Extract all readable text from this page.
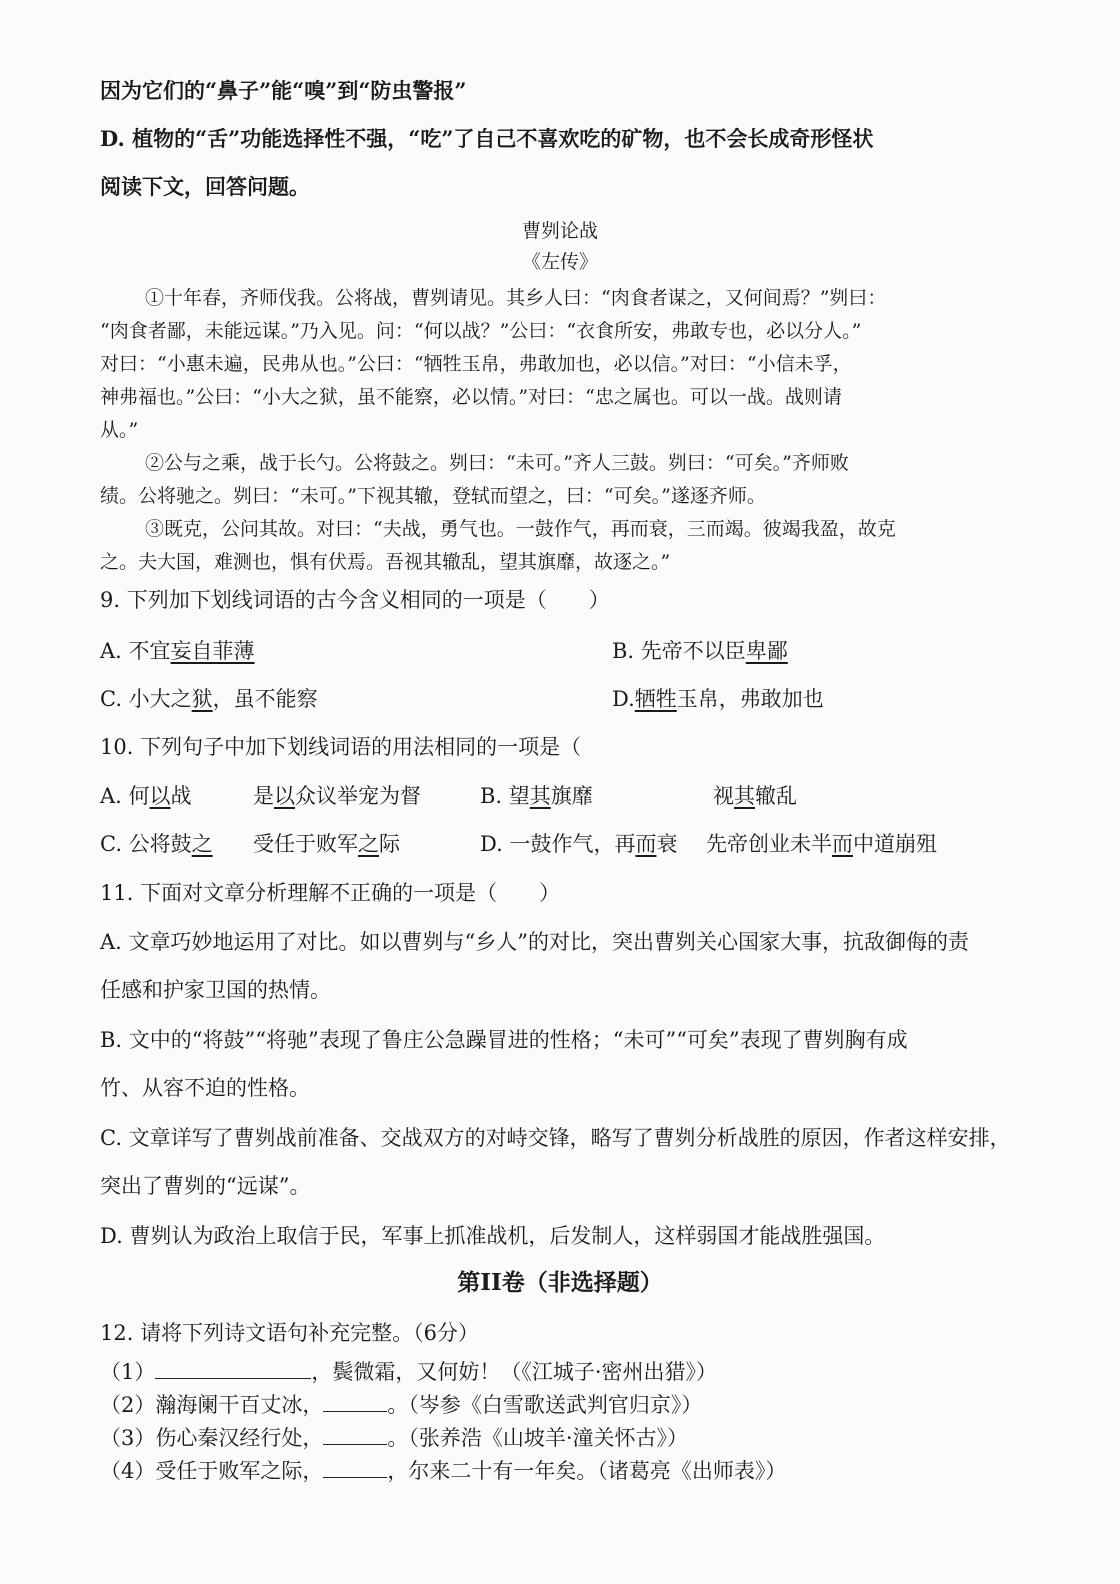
因为它们的“鼻子”能“嗅”到“防虫警报”
D. 植物的“舌”功能选择性不强，“吃”了自己不喜欢吃的矿物，也不会长成奇形怪状
阅读下文，回答问题。
曹刿论战
《左传》
①十年春，齐师伐我。公将战，曹刿请见。其乡人曰：“肉食者谋之，又何间焉？”刿曰：
“肉食者鄙，未能远谋。”乃入见。问：“何以战？”公曰：“衣食所安，弗敢专也，必以分人。”
对曰：“小惠未遍，民弗从也。”公曰：“牺牲玉帛，弗敢加也，必以信。”对曰：“小信未孚，
神弗福也。”公曰：“小大之狱，虽不能察，必以情。”对曰：“忠之属也。可以一战。战则请
从。”
②公与之乘，战于长勺。公将鼓之。刿曰：“未可。”齐人三鼓。刿曰：“可矣。”齐师败
绩。公将驰之。刿曰：“未可。”下视其辙，登轼而望之，曰：“可矣。”遂逐齐师。
③既克，公问其故。对曰：“夫战，勇气也。一鼓作气，再而衰，三而竭。彼竭我盈，故克
之。夫大国，难测也，惧有伏焉。吾视其辙乱，望其旗靡，故逐之。”
9. 下列加下划线词语的古今含义相同的一项是（　　）
A. 不宜妄自菲薄	B. 先帝不以臣卑鄙
C. 小大之狱，虽不能察	D.牺牲玉帛，弗敢加也
10. 下列句子中加下划线词语的用法相同的一项是（
A. 何以战	是以众议举宠为督	B. 望其旗靡	视其辙乱
C. 公将鼓之 受任于败军之际	D. 一鼓作气，再而衰 先帝创业未半而中道崩殂
11. 下面对文章分析理解不正确的一项是（　　）
A. 文章巧妙地运用了对比。如以曹刿与“乡人”的对比，突出曹刿关心国家大事，抗敌御侮的责
任感和护家卫国的热情。
B. 文中的“将鼓”“将驰”表现了鲁庄公急躁冒进的性格；“未可”“可矣”表现了曹刿胸有成
竹、从容不迫的性格。
C. 文章详写了曹刿战前准备、交战双方的对峙交锋，略写了曹刿分析战胜的原因，作者这样安排，
突出了曹刿的“远谋”。
D. 曹刿认为政治上取信于民，军事上抓准战机，后发制人，这样弱国才能战胜强国。
第II卷（非选择题）
12. 请将下列诗文语句补充完整。（6分）
（1）	，鬓微霜，又何妨！（《江城子·密州出猎》）
（2）瀚海阑干百丈冰，	。（岑参《白雪歌送武判官归京》）
（3）伤心秦汉经行处，	。（张养浩《山坡羊·潼关怀古》）
（4）受任于败军之际，	，尔来二十有一年矣。（诸葛亮《出师表》）
